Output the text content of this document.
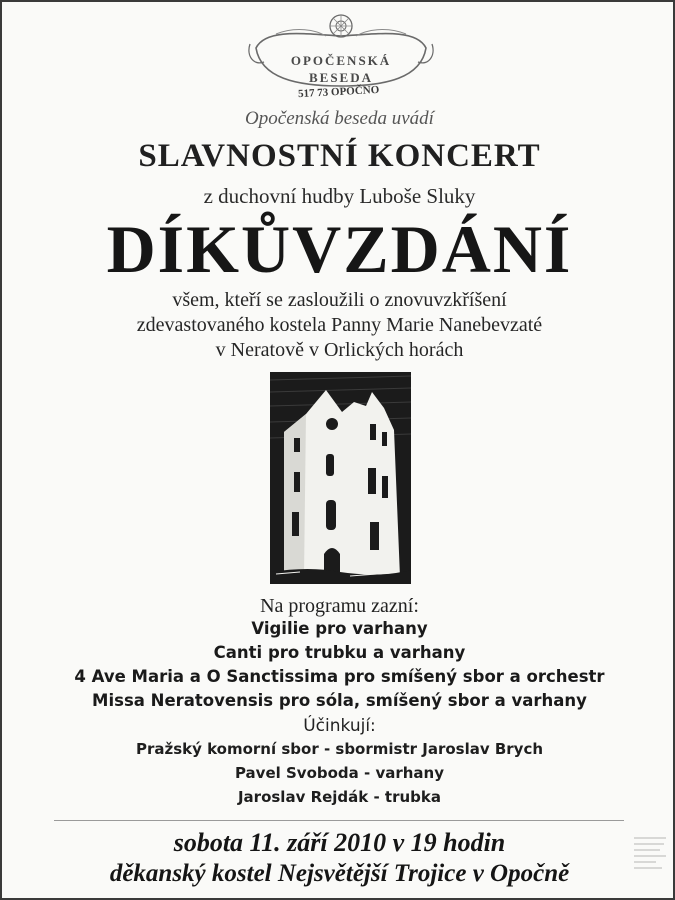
OPOČENSKÁ
BESEDA
517 73 OPOČNO
Opočenská beseda uvádí
SLAVNOSTNÍ KONCERT
z duchovní hudby Luboše Sluky
DÍKŮVZDÁNÍ
všem, kteří se zasloužili o znovuvzkříšení
zdevastovaného kostela Panny Marie Nanebevzaté
v Neratově v Orlických horách
Na programu zazní:
Vigilie pro varhany
Canti pro trubku a varhany
4 Ave Maria a O Sanctissima pro smíšený sbor a orchestr
Missa Neratovensis pro sóla, smíšený sbor a varhany
Účinkují:
Pražský komorní sbor - sbormistr Jaroslav Brych
Pavel Svoboda - varhany
Jaroslav Rejdák - trubka
sobota 11. září 2010 v 19 hodin
děkanský kostel Nejsvětější Trojice v Opočně
